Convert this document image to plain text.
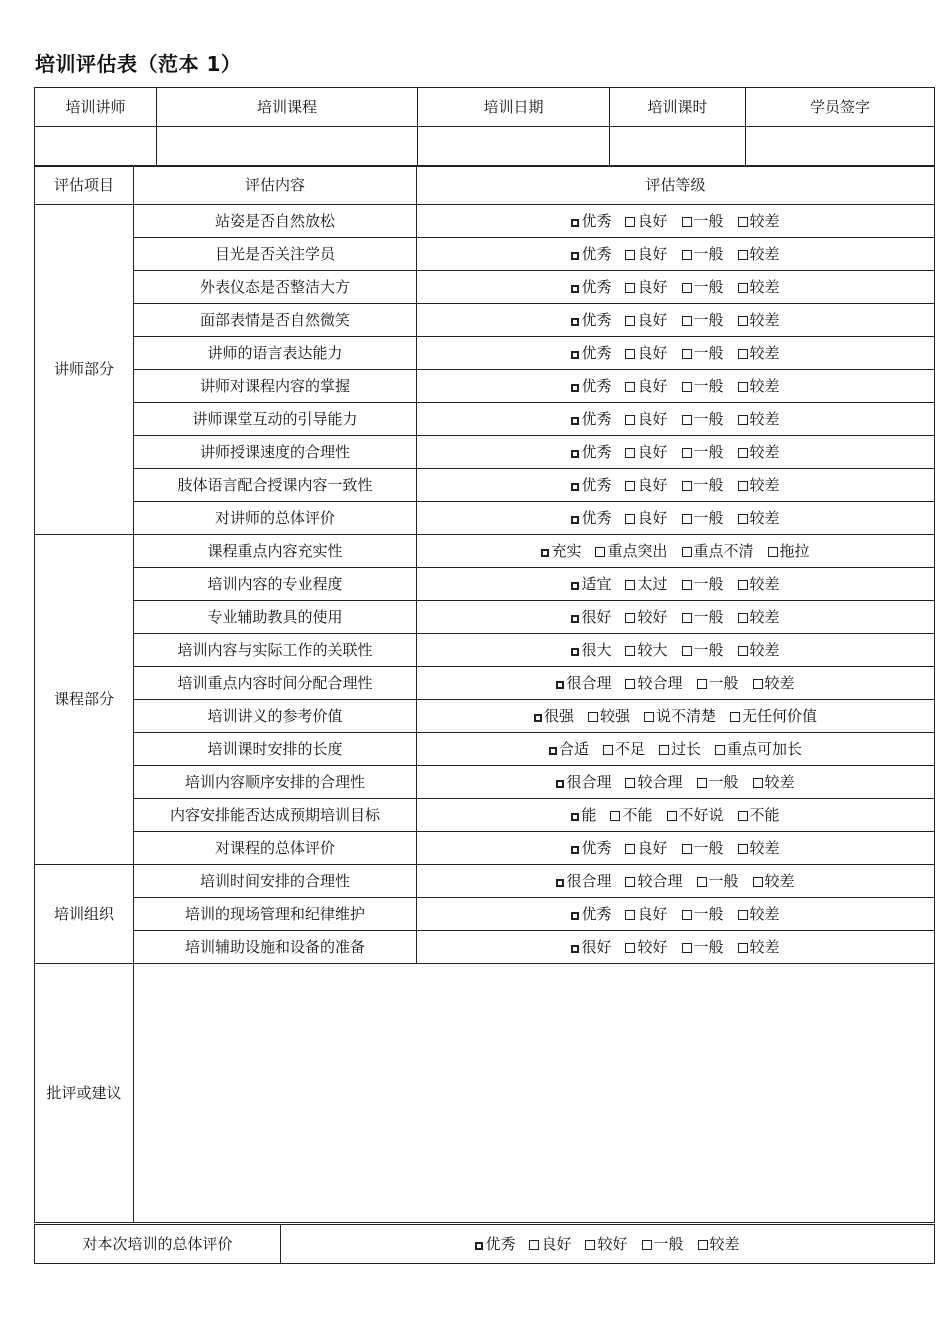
培训评估表（范本 1）
培训讲师	培训课程	培训日期	培训课时	学员签字

评估项目	评估内容	评估等级
讲师部分	站姿是否自然放松	优秀 良好 一般 较差
	目光是否关注学员	优秀 良好 一般 较差
	外表仪态是否整洁大方	优秀 良好 一般 较差
	面部表情是否自然微笑	优秀 良好 一般 较差
	讲师的语言表达能力	优秀 良好 一般 较差
	讲师对课程内容的掌握	优秀 良好 一般 较差
	讲师课堂互动的引导能力	优秀 良好 一般 较差
	讲师授课速度的合理性	优秀 良好 一般 较差
	肢体语言配合授课内容一致性	优秀 良好 一般 较差
	对讲师的总体评价	优秀 良好 一般 较差
课程部分	课程重点内容充实性	充实 重点突出 重点不清 拖拉
	培训内容的专业程度	适宜 太过 一般 较差
	专业辅助教具的使用	很好 较好 一般 较差
	培训内容与实际工作的关联性	很大 较大 一般 较差
	培训重点内容时间分配合理性	很合理 较合理 一般 较差
	培训讲义的参考价值	很强 较强 说不清楚 无任何价值
	培训课时安排的长度	合适 不足 过长 重点可加长
	培训内容顺序安排的合理性	很合理 较合理 一般 较差
	内容安排能否达成预期培训目标	能 不能 不好说 不能
	对课程的总体评价	优秀 良好 一般 较差
培训组织	培训时间安排的合理性	很合理 较合理 一般 较差
	培训的现场管理和纪律维护	优秀 良好 一般 较差
	培训辅助设施和设备的准备	很好 较好 一般 较差
批评或建议		
对本次培训的总体评价	优秀 良好 较好 一般 较差
